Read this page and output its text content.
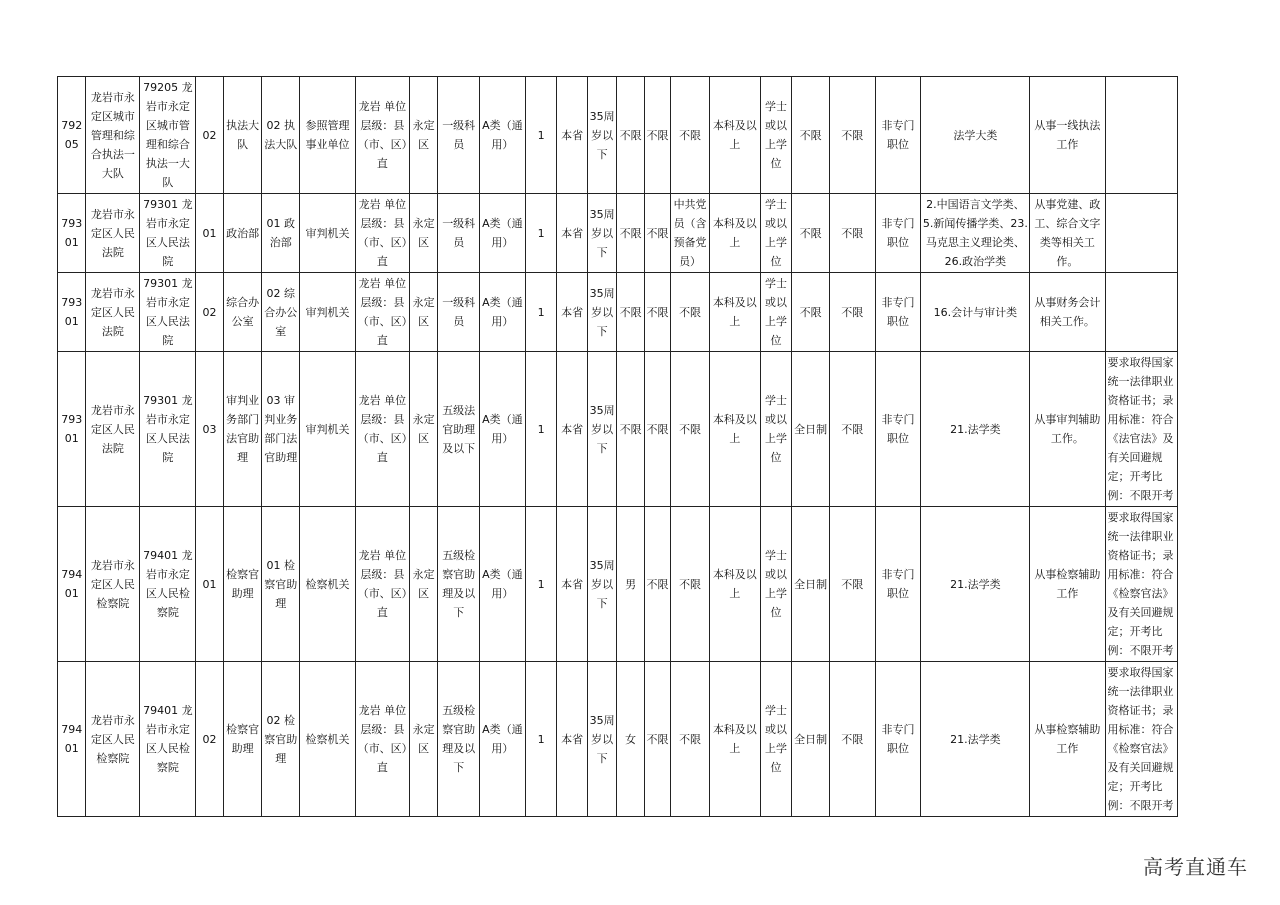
79205	龙岩市永定区城市管理和综合执法一大队	79205 龙岩市永定区城市管理和综合执法一大队	02	执法大队	02 执法大队	参照管理事业单位	龙岩 单位层级：县（市、区）直	永定区	一级科员	A类（通用）	1	本省	35周岁以下	不限	不限	不限	本科及以上	学士或以上学位	不限	不限	非专门职位	法学大类	从事一线执法工作	
79301	龙岩市永定区人民法院	79301 龙岩市永定区人民法院	01	政治部	01 政治部	审判机关	龙岩 单位层级：县（市、区）直	永定区	一级科员	A类（通用）	1	本省	35周岁以下	不限	不限	中共党员（含预备党员）	本科及以上	学士或以上学位	不限	不限	非专门职位	2.中国语言文学类、5.新闻传播学类、23.马克思主义理论类、26.政治学类	从事党建、政工、综合文字类等相关工作。	
79301	龙岩市永定区人民法院	79301 龙岩市永定区人民法院	02	综合办公室	02 综合办公室	审判机关	龙岩 单位层级：县（市、区）直	永定区	一级科员	A类（通用）	1	本省	35周岁以下	不限	不限	不限	本科及以上	学士或以上学位	不限	不限	非专门职位	16.会计与审计类	从事财务会计相关工作。	
79301	龙岩市永定区人民法院	79301 龙岩市永定区人民法院	03	审判业务部门法官助理	03 审判业务部门法官助理	审判机关	龙岩 单位层级：县（市、区）直	永定区	五级法官助理及以下	A类（通用）	1	本省	35周岁以下	不限	不限	不限	本科及以上	学士或以上学位	全日制	不限	非专门职位	21.法学类	从事审判辅助工作。	要求取得国家统一法律职业资格证书；录用标准：符合《法官法》及有关回避规定；开考比例：不限开考
79401	龙岩市永定区人民检察院	79401 龙岩市永定区人民检察院	01	检察官助理	01 检察官助理	检察机关	龙岩 单位层级：县（市、区）直	永定区	五级检察官助理及以下	A类（通用）	1	本省	35周岁以下	男	不限	不限	本科及以上	学士或以上学位	全日制	不限	非专门职位	21.法学类	从事检察辅助工作	要求取得国家统一法律职业资格证书；录用标准：符合《检察官法》及有关回避规定；开考比例：不限开考
79401	龙岩市永定区人民检察院	79401 龙岩市永定区人民检察院	02	检察官助理	02 检察官助理	检察机关	龙岩 单位层级：县（市、区）直	永定区	五级检察官助理及以下	A类（通用）	1	本省	35周岁以下	女	不限	不限	本科及以上	学士或以上学位	全日制	不限	非专门职位	21.法学类	从事检察辅助工作	要求取得国家统一法律职业资格证书；录用标准：符合《检察官法》及有关回避规定；开考比例：不限开考
高考直通车
